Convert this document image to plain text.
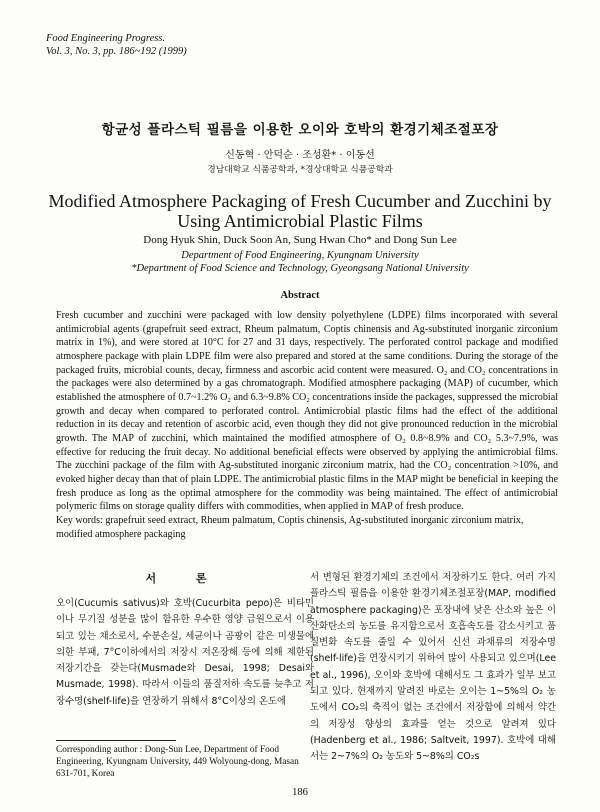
Food Engineering Progress.
Vol. 3, No. 3, pp. 186~192 (1999)
항균성 플라스틱 필름을 이용한 오이와 호박의 환경기체조절포장
신동혁 · 안덕순 · 조성환* · 이동선
경남대학교 식품공학과, *경상대학교 식품공학과
Modified Atmosphere Packaging of Fresh Cucumber and Zucchini by Using Antimicrobial Plastic Films
Dong Hyuk Shin, Duck Soon An, Sung Hwan Cho* and Dong Sun Lee
Department of Food Engineering, Kyungnam University
*Department of Food Science and Technology, Gyeongsang National University
Abstract

Fresh cucumber and zucchini were packaged with low density polyethylene (LDPE) films incorporated with several antimicrobial agents (grapefruit seed extract, Rheum palmatum, Coptis chinensis and Ag-substituted inorganic zirconium matrix in 1%), and were stored at 10°C for 27 and 31 days, respectively. The perforated control package and modified atmosphere package with plain LDPE film were also prepared and stored at the same conditions. During the storage of the packaged fruits, microbial counts, decay, firmness and ascorbic acid content were measured. O₂ and CO₂ concentrations in the packages were also determined by a gas chromatograph. Modified atmosphere packaging (MAP) of cucumber, which established the atmosphere of 0.7~1.2% O₂ and 6.3~9.8% CO₂ concentrations inside the packages, suppressed the microbial growth and decay when compared to perforated control. Antimicrobial plastic films had the effect of the additional reduction in its decay and retention of ascorbic acid, even though they did not give pronounced reduction in the microbial growth. The MAP of zucchini, which maintained the modified atmosphere of O₂ 0.8~8.9% and CO₂ 5.3~7.9%, was effective for reducing the fruit decay. No additional beneficial effects were observed by applying the antimicrobial films. The zucchini package of the film with Ag-substituted inorganic zirconium matrix, had the CO₂ concentration >10%, and evoked higher decay than that of plain LDPE. The antimicrobial plastic films in the MAP might be beneficial in keeping the fresh produce as long as the optimal atmosphere for the commodity was being maintained. The effect of antimicrobial polymeric films on storage quality differs with commodities, when applied in MAP of fresh produce.

Key words: grapefruit seed extract, Rheum palmatum, Coptis chinensis, Ag-substituted inorganic zirconium matrix, modified atmosphere packaging

서 론

오이(Cucumis sativus)와 호박(Cucurbita pepo)은 비타민이나 무기질 성분을 많이 함유한 우수한 영양 급원으로서 이용되고 있는 채소로서, 수분손실, 세균이나 곰팡이 같은 미생물에 의한 부패, 7°C이하에서의 저장시 저온장해 등에 의해 제한된 저장기간을 갖는다(Musmade와 Desai, 1998; Desai와 Musmade, 1998). 따라서 이들의 품질저하 속도를 늦추고 저장수명(shelf-life)을 연장하기 위해서 8°C이상의 온도에

서 변형된 환경기체의 조건에서 저장하기도 한다. 여러 가지 플라스틱 필름을 이용한 환경기체조절포장(MAP, modified atmosphere packaging)은 포장내에 낮은 산소와 높은 이산화탄소의 농도를 유지함으로서 호흡속도를 감소시키고 품질변화 속도를 줄일 수 있어서 신선 과채류의 저장수명(shelf-life)을 연장시키기 위하여 많이 사용되고 있으며(Lee et al., 1996), 오이와 호박에 대해서도 그 효과가 일부 보고되고 있다. 현재까지 알려진 바로는 오이는 1~5%의 O₂ 농도에서 CO₂의 축적이 없는 조건에서 저장함에 의해서 약간의 저장성 향상의 효과를 얻는 것으로 알려져 있다(Hadenberg et al., 1986; Saltveit, 1997). 호박에 대해서는 2~7%의 O₂ 농도와 5~8%의 CO₂s

Corresponding author : Dong-Sun Lee, Department of Food Engineering, Kyungnam University, 449 Wolyoung-dong, Masan 631-701, Korea

186
